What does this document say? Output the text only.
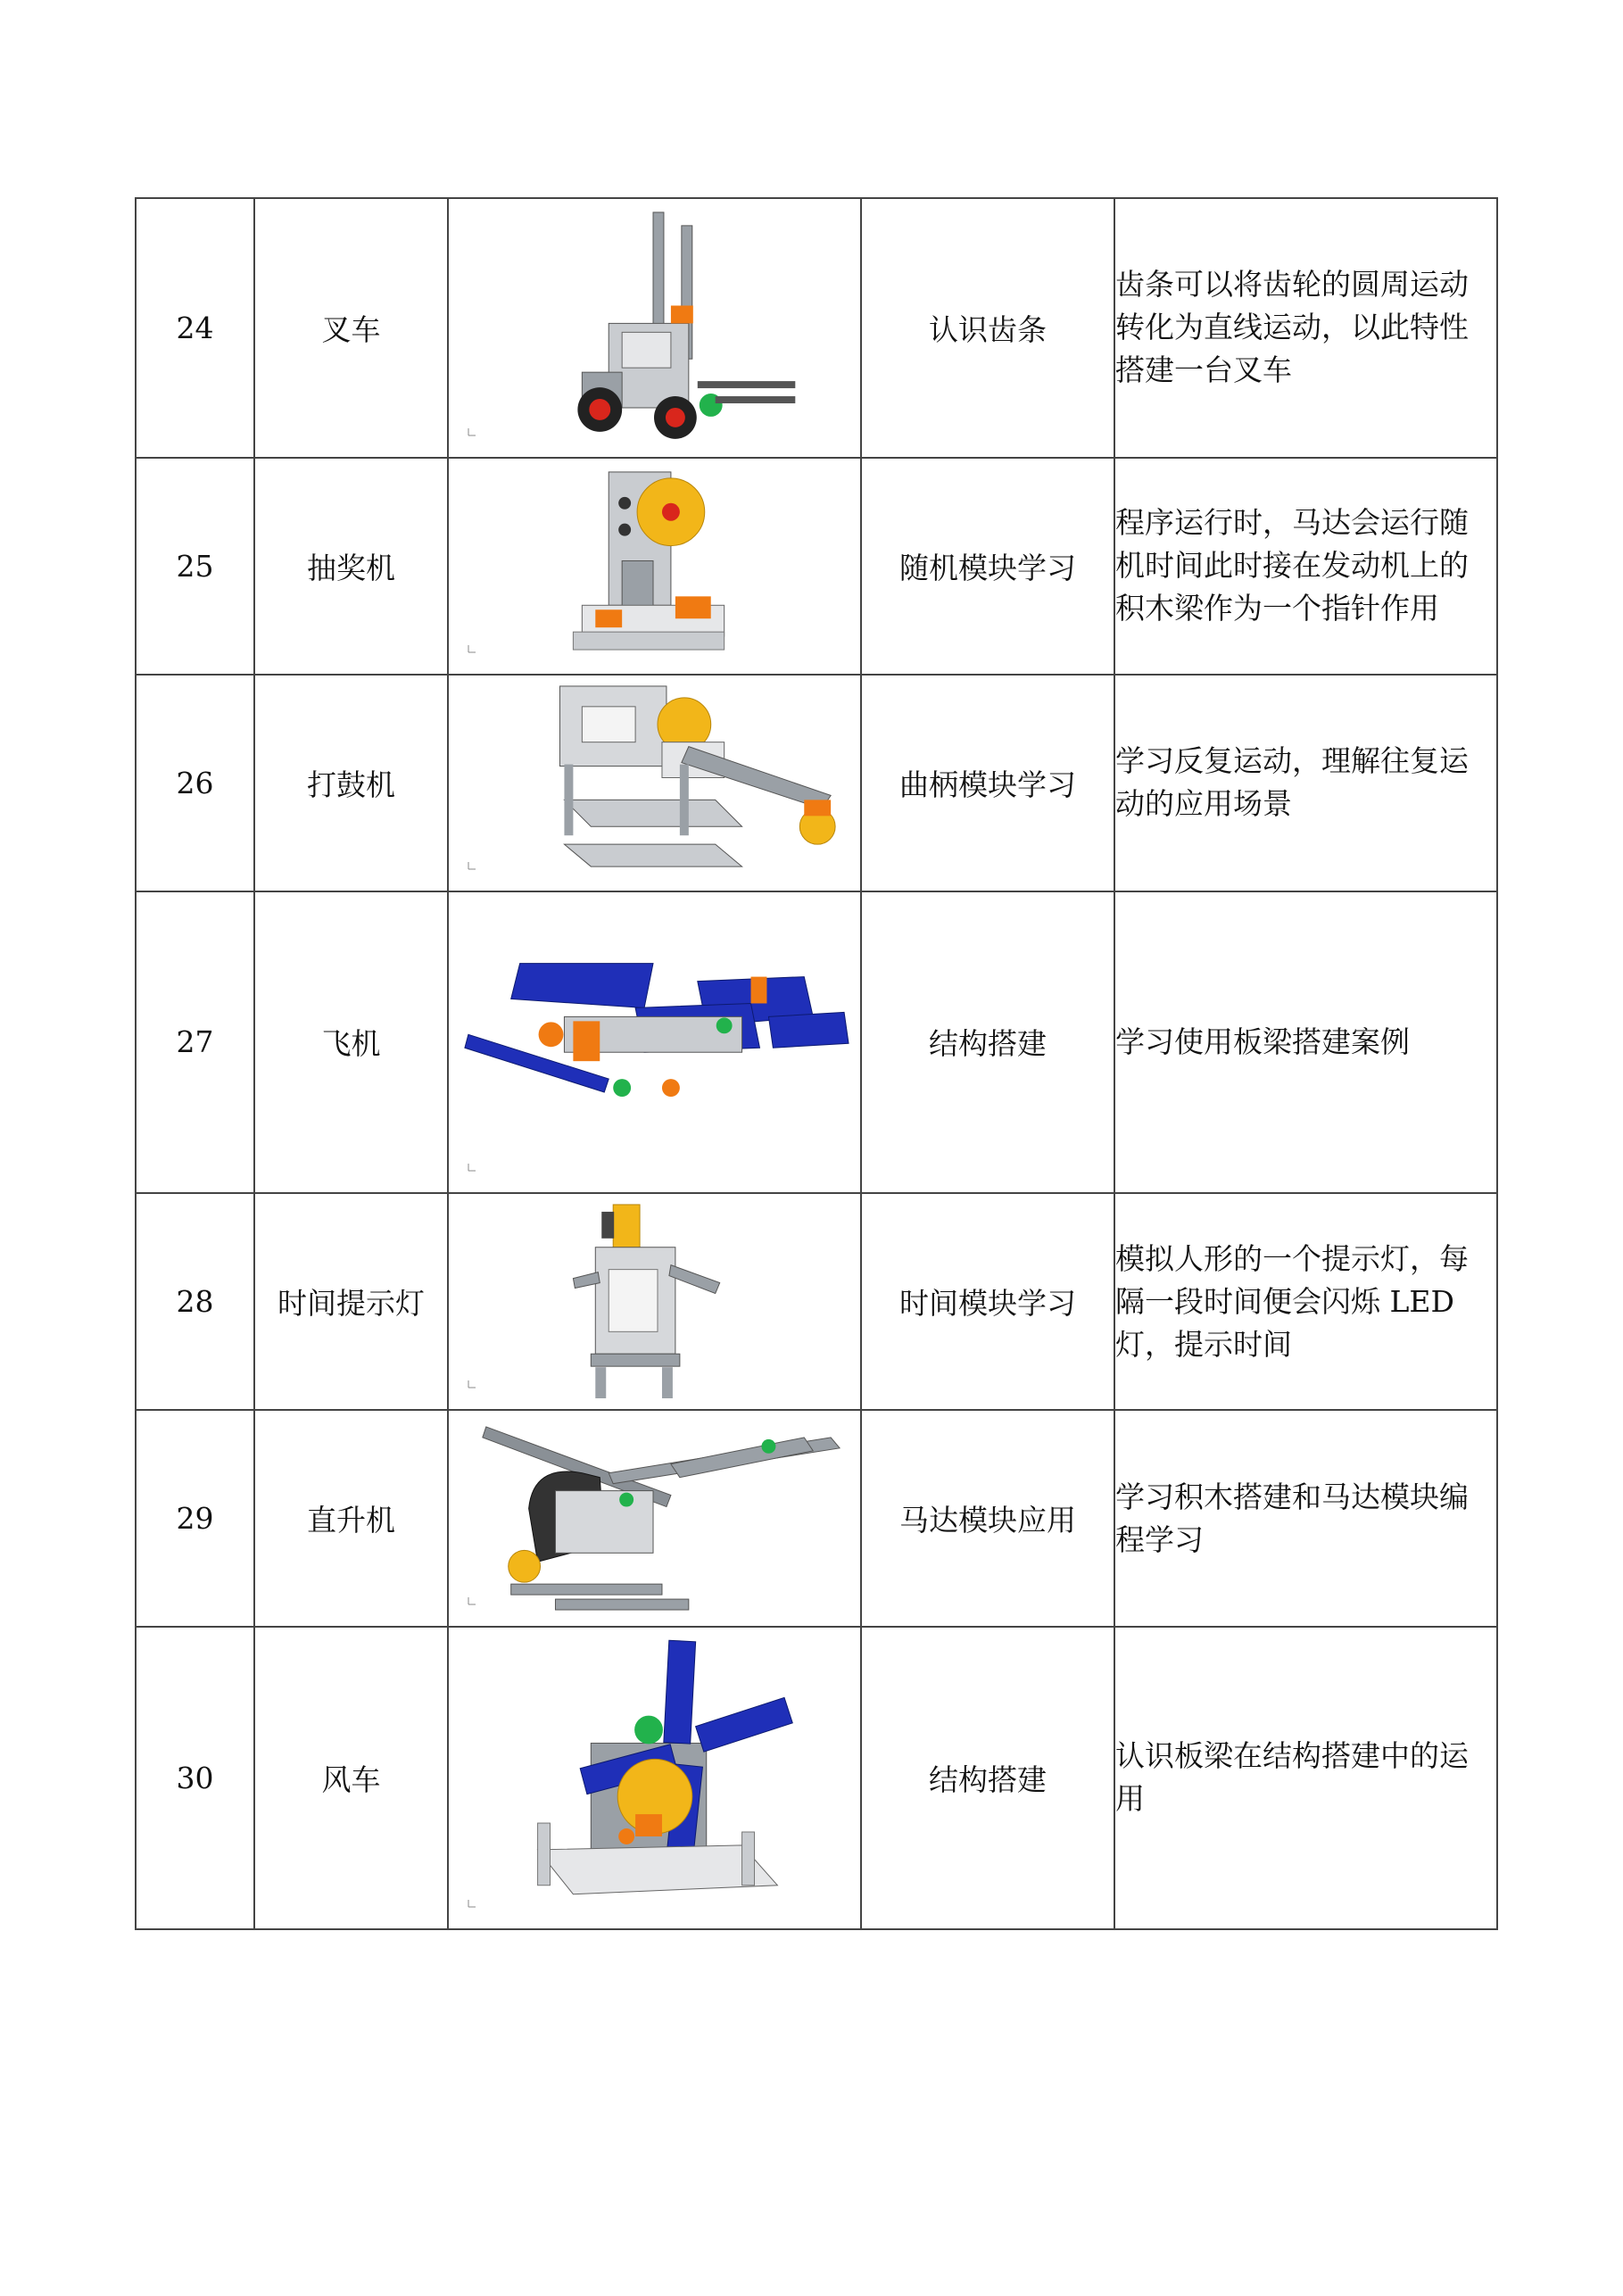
24	叉车		认识齿条	齿条可以将齿轮的圆周运动转化为直线运动，以此特性搭建一台叉车
25	抽奖机		随机模块学习	程序运行时，马达会运行随机时间此时接在发动机上的积木梁作为一个指针作用
26	打鼓机		曲柄模块学习	学习反复运动，理解往复运动的应用场景
27	飞机		结构搭建	学习使用板梁搭建案例
28	时间提示灯		时间模块学习	模拟人形的一个提示灯，每隔一段时间便会闪烁 LED 灯，提示时间
29	直升机		马达模块应用	学习积木搭建和马达模块编程学习
30	风车		结构搭建	认识板梁在结构搭建中的运用
